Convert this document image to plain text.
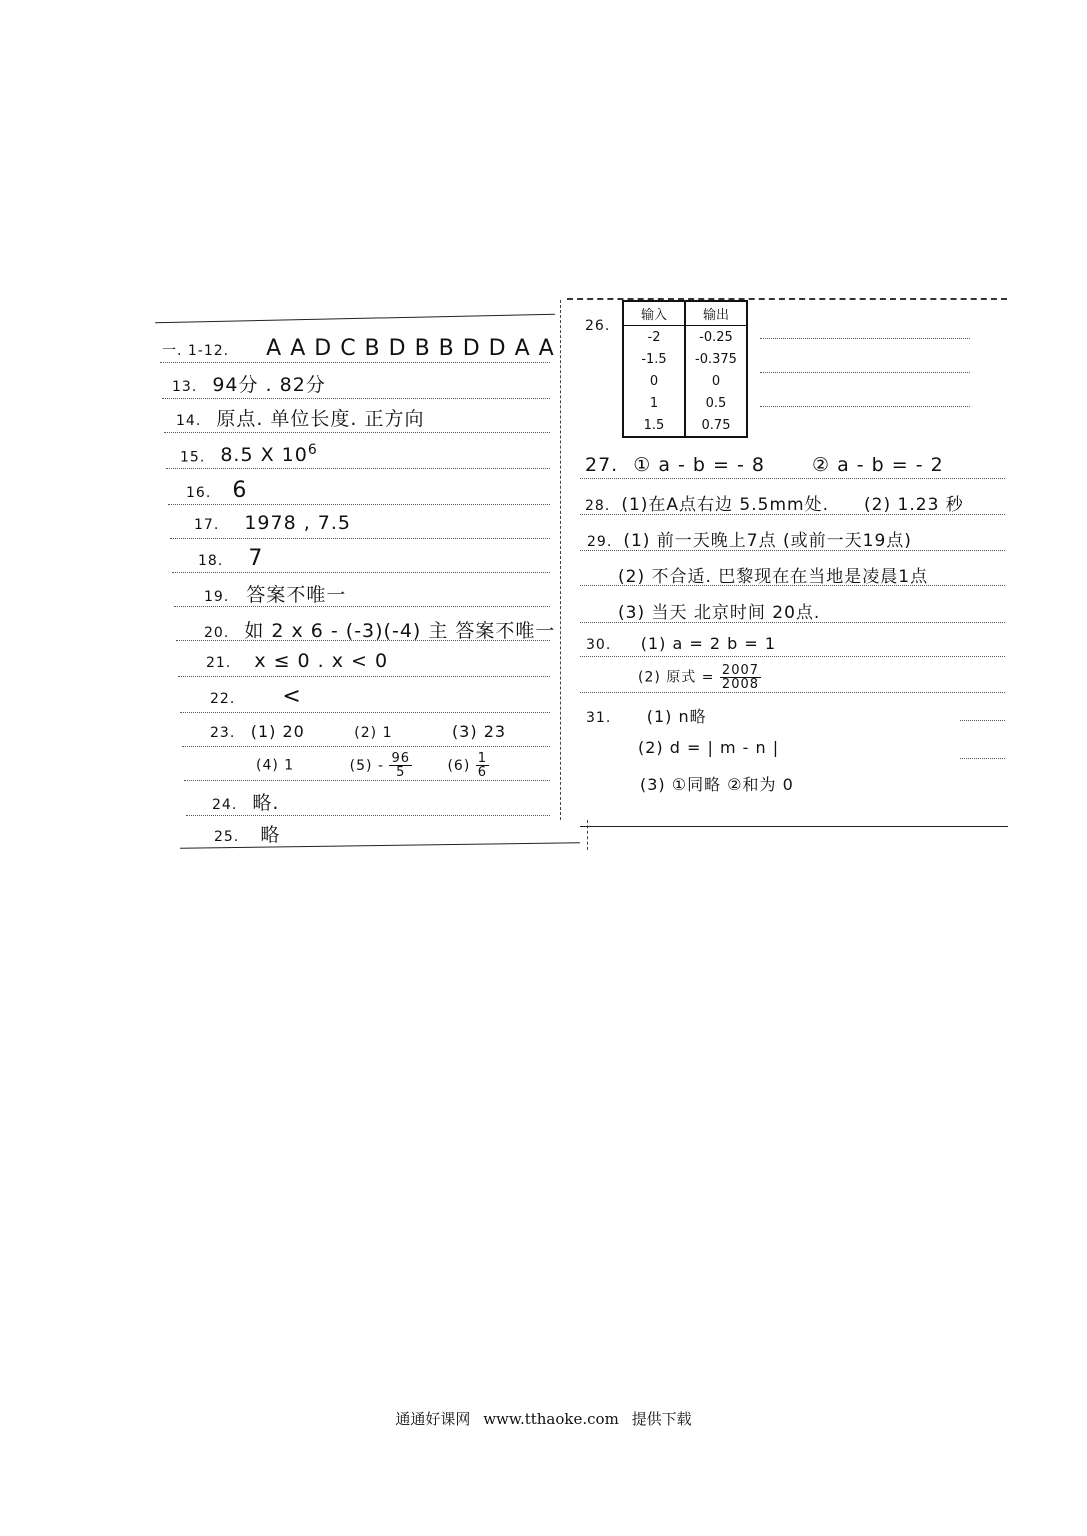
一. 1-12. A A D C B D B B D D A A
13. 94分 . 82分
14. 原点. 单位长度. 正方向
15. 8.5 X $10^6$
16. 6
17. 1978 , 7.5
18. 7
19. 答案不唯一
20. 如 2 x 6 - (-3)(-4) 主 答案不唯一
21. x ≤ 0 . x < 0
22. <
23. (1) 20	(2) 1	(3) 23
(4) 1	$(5) - \frac{96}{5}$	$(6) \frac{1}{6}$
24. 略.
25. 略
26.
输入	输出
-2	-0.25
-1.5	-0.375
0	0
1	0.5
1.5	0.75
27. ① a - b = - 8 ② a - b = - 2
28. (1)在A点右边 5.5mm处. (2) 1.23 秒
29. (1) 前一天晚上7点 (或前一天19点)
(2) 不合适. 巴黎现在在当地是凌晨1点
(3) 当天 北京时间 20点.
30. (1) a = 2 b = 1
(2) 原式 = $\frac{2007}{2008}$
31. (1) n略
(2) d = | m - n |
(3) ①同略 ②和为 0
通通好课网 www.tthaoke.com 提供下载
